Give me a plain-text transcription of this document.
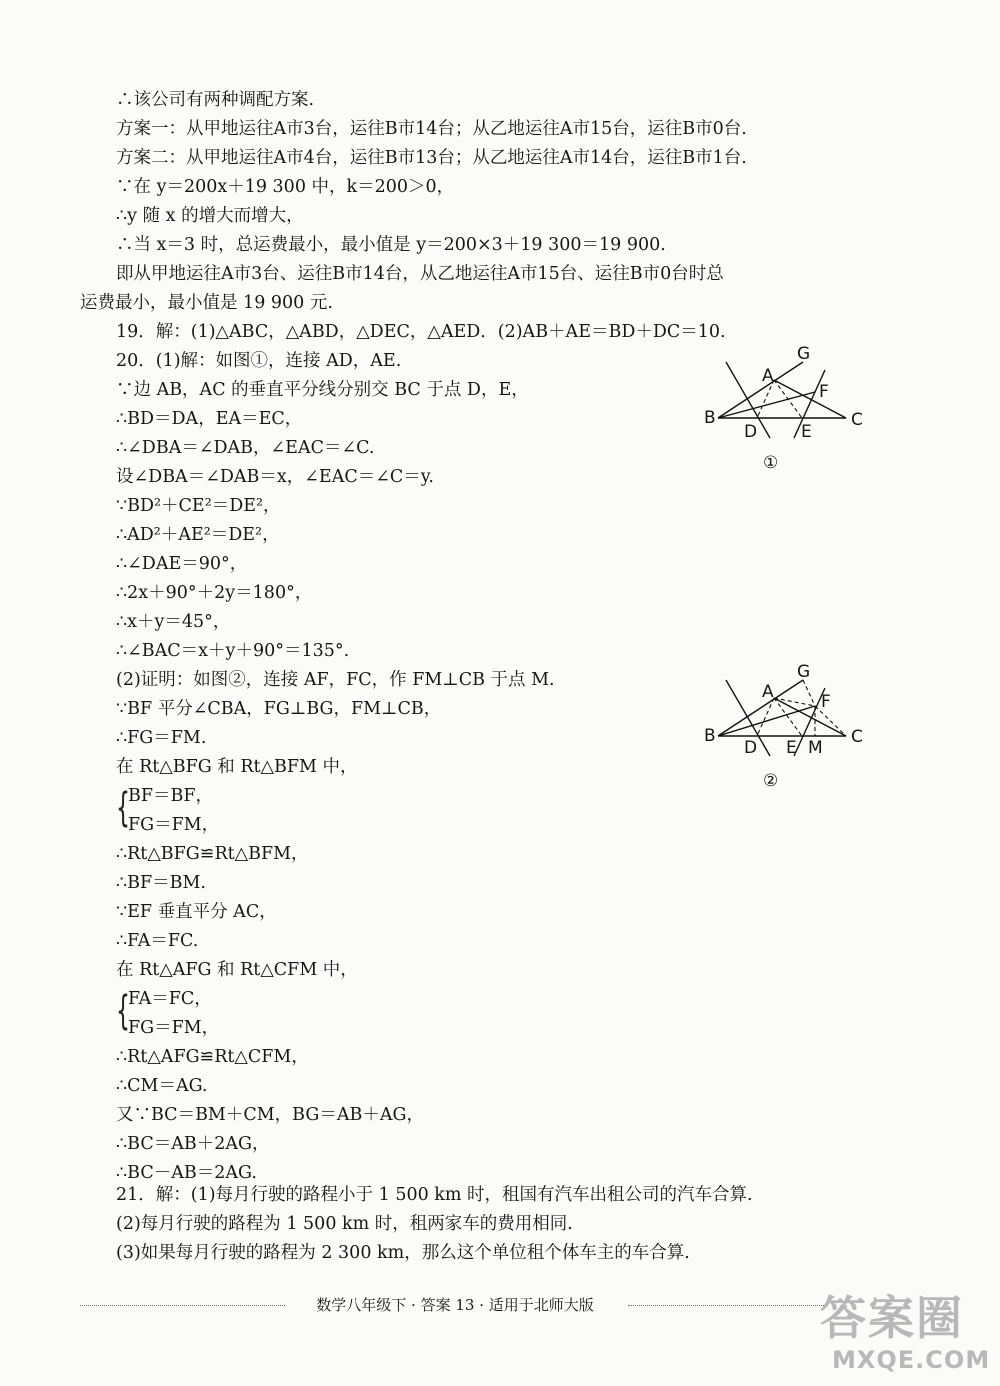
∴该公司有两种调配方案.
方案一：从甲地运往A市3台，运往B市14台；从乙地运往A市15台，运往B市0台.
方案二：从甲地运往A市4台，运往B市13台；从乙地运往A市14台，运往B市1台.
∵在 y＝200x＋19 300 中，k＝200＞0，
∴y 随 x 的增大而增大，
∴当 x＝3 时，总运费最小，最小值是 y＝200×3＋19 300＝19 900.
即从甲地运往A市3台、运往B市14台，从乙地运往A市15台、运往B市0台时总
运费最小，最小值是 19 900 元.
19．解：(1)△ABC，△ABD，△DEC，△AED．(2)AB＋AE＝BD＋DC＝10.
20．(1)解：如图①，连接 AD，AE.
∵边 AB，AC 的垂直平分线分别交 BC 于点 D，E，
∴BD＝DA，EA＝EC，
∴∠DBA＝∠DAB，∠EAC＝∠C.
设∠DBA＝∠DAB＝x，∠EAC＝∠C＝y.
∵BD²＋CE²＝DE²，
∴AD²＋AE²＝DE²，
∴∠DAE＝90°，
∴2x＋90°＋2y＝180°，
∴x＋y＝45°，
∴∠BAC＝x＋y＋90°＝135°.
(2)证明：如图②，连接 AF，FC，作 FM⊥CB 于点 M.
∵BF 平分∠CBA，FG⊥BG，FM⊥CB，
∴FG＝FM.
在 Rt△BFG 和 Rt△BFM 中，
{
BF＝BF，
FG＝FM，
∴Rt△BFG≌Rt△BFM，
∴BF＝BM.
∵EF 垂直平分 AC，
∴FA＝FC.
在 Rt△AFG 和 Rt△CFM 中，
{
FA＝FC，
FG＝FM，
∴Rt△AFG≌Rt△CFM，
∴CM＝AG.
又∵BC＝BM＋CM，BG＝AB＋AG，
∴BC＝AB＋2AG，
∴BC－AB＝2AG.
21．解：(1)每月行驶的路程小于 1 500 km 时，租国有汽车出租公司的汽车合算.
(2)每月行驶的路程为 1 500 km 时，租两家车的费用相同.
(3)如果每月行驶的路程为 2 300 km，那么这个单位租个体车主的车合算.
G
A
F
B
D	E
C
①
G
A	F
B
D E M
C
②
数学八年级下 · 答案 13 · 适用于北师大版	答案圈
MXQE.COM
